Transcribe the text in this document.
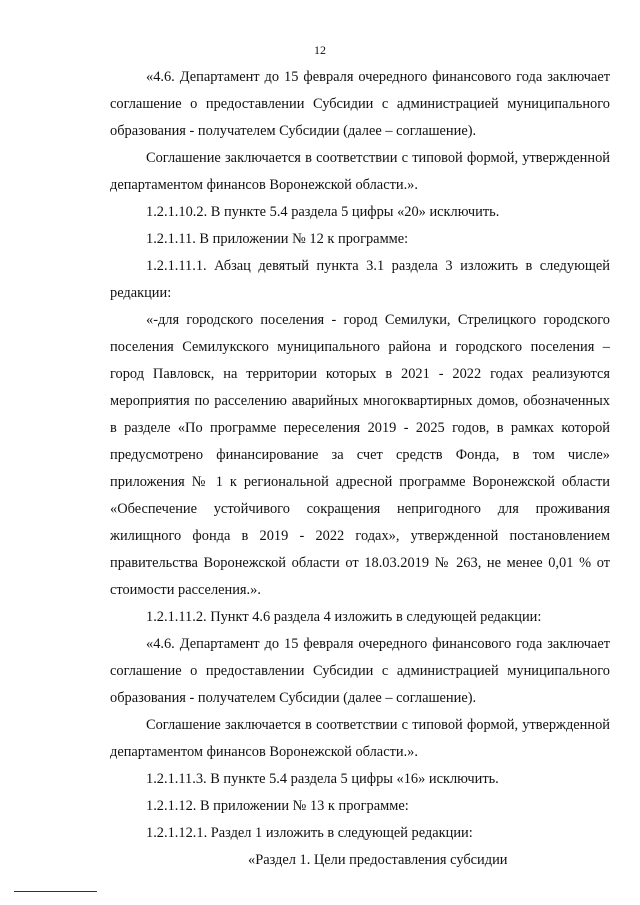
12

«4.6. Департамент до 15 февраля очередного финансового года заключает соглашение о предоставлении Субсидии с администрацией муниципального образования - получателем Субсидии (далее – соглашение).

Соглашение заключается в соответствии с типовой формой, утвержденной департаментом финансов Воронежской области.».

1.2.1.10.2. В пункте 5.4 раздела 5 цифры «20» исключить.

1.2.1.11. В приложении № 12 к программе:

1.2.1.11.1. Абзац девятый пункта 3.1 раздела 3 изложить в следующей редакции:

«-для городского поселения - город Семилуки, Стрелицкого городского поселения Семилукского муниципального района и городского поселения – город Павловск, на территории которых в 2021 - 2022 годах реализуются мероприятия по расселению аварийных многоквартирных домов, обозначенных в разделе «По программе переселения 2019 - 2025 годов, в рамках которой предусмотрено финансирование за счет средств Фонда, в том числе» приложения № 1 к региональной адресной программе Воронежской области «Обеспечение устойчивого сокращения непригодного для проживания жилищного фонда в 2019 - 2022 годах», утвержденной постановлением правительства Воронежской области от 18.03.2019 № 263, не менее 0,01 % от стоимости расселения.».

1.2.1.11.2. Пункт 4.6 раздела 4 изложить в следующей редакции:

«4.6. Департамент до 15 февраля очередного финансового года заключает соглашение о предоставлении Субсидии с администрацией муниципального образования - получателем Субсидии (далее – соглашение).

Соглашение заключается в соответствии с типовой формой, утвержденной департаментом финансов Воронежской области.».

1.2.1.11.3. В пункте 5.4 раздела 5 цифры «16» исключить.

1.2.1.12. В приложении № 13 к программе:

1.2.1.12.1. Раздел 1 изложить в следующей редакции:

«Раздел 1. Цели предоставления субсидии
